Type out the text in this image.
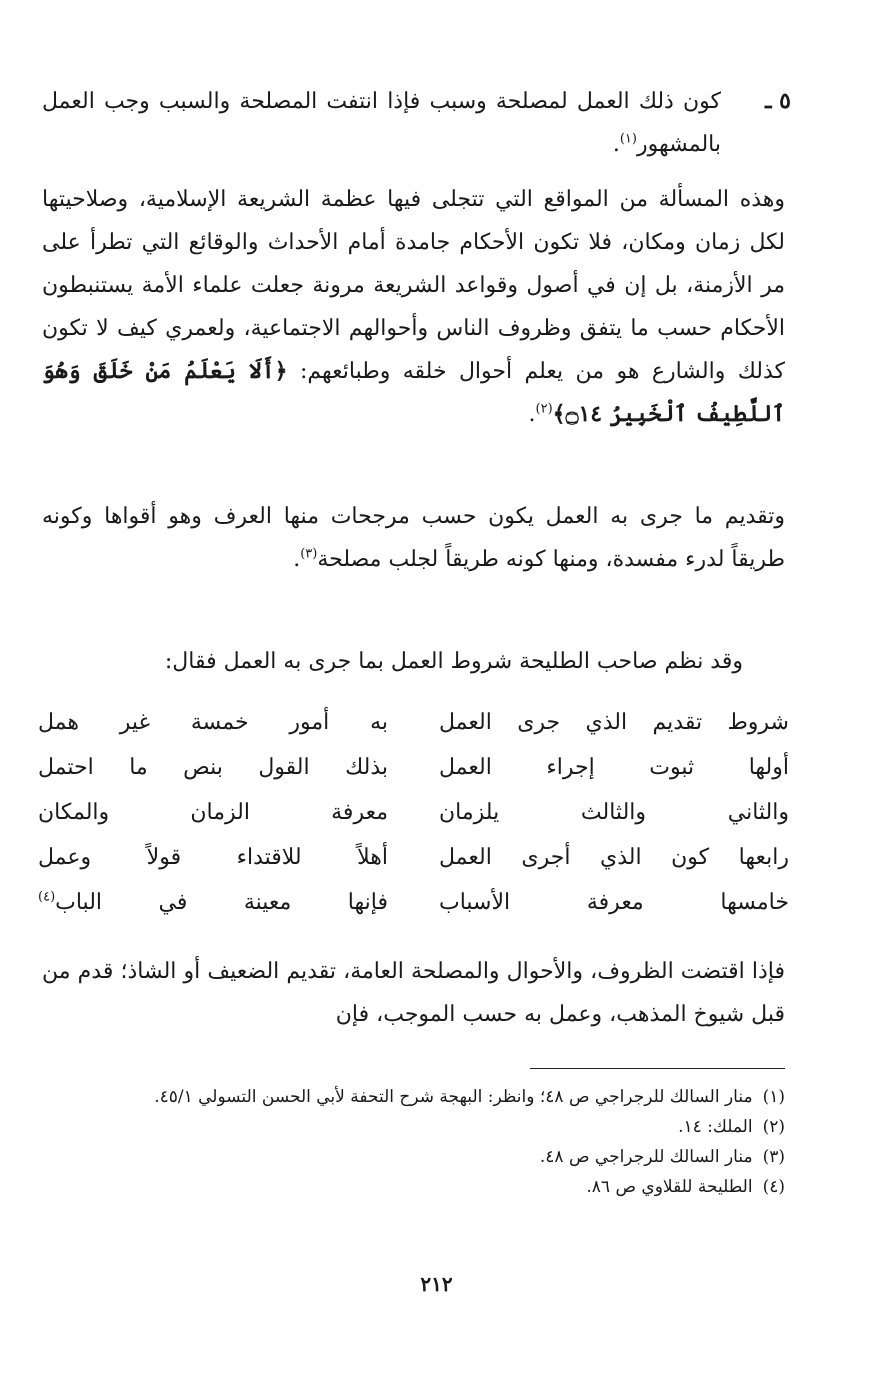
٥ ـ
كون ذلك العمل لمصلحة وسبب فإذا انتفت المصلحة والسبب وجب العمل بالمشهور$^{(١)}$.
وهذه المسألة من المواقع التي تتجلى فيها عظمة الشريعة الإسلامية، وصلاحيتها لكل زمان ومكان، فلا تكون الأحكام جامدة أمام الأحداث والوقائع التي تطرأ على مر الأزمنة، بل إن في أصول وقواعد الشريعة مرونة جعلت علماء الأمة يستنبطون الأحكام حسب ما يتفق وظروف الناس وأحوالهم الاجتماعية، ولعمري كيف لا تكون كذلك والشارع هو من يعلم أحوال خلقه وطبائعهم: ﴿أَلَا يَعْلَمُ مَنْ خَلَقَ وَهُوَ ٱللَّطِيفُ ٱلْخَبِيرُ ۝١٤﴾$^{(٢)}$.
وتقديم ما جرى به العمل يكون حسب مرجحات منها العرف وهو أقواها وكونه طريقاً لدرء مفسدة، ومنها كونه طريقاً لجلب مصلحة$^{(٣)}$.
وقد نظم صاحب الطليحة شروط العمل بما جرى به العمل فقال:
شروط تقديم الذي جرى العمل
به أمور خمسة غير همل
أولها ثبوت إجراء العمل
بذلك القول بنص ما احتمل
والثاني والثالث يلزمان
معرفة الزمان والمكان
رابعها كون الذي أجرى العمل
أهلاً للاقتداء قولاً وعمل
خامسها معرفة الأسباب
فإنها معينة في الباب$^{(٤)}$
فإذا اقتضت الظروف، والأحوال والمصلحة العامة، تقديم الضعيف أو الشاذ؛ قدم من قبل شيوخ المذهب، وعمل به حسب الموجب، فإن
(١)
منار السالك للرجراجي ص ٤٨؛ وانظر: البهجة شرح التحفة لأبي الحسن التسولي ٤٥/١.
(٢)
الملك: ١٤.
(٣)
منار السالك للرجراجي ص ٤٨.
(٤)
الطليحة للقلاوي ص ٨٦.
٢١٢
